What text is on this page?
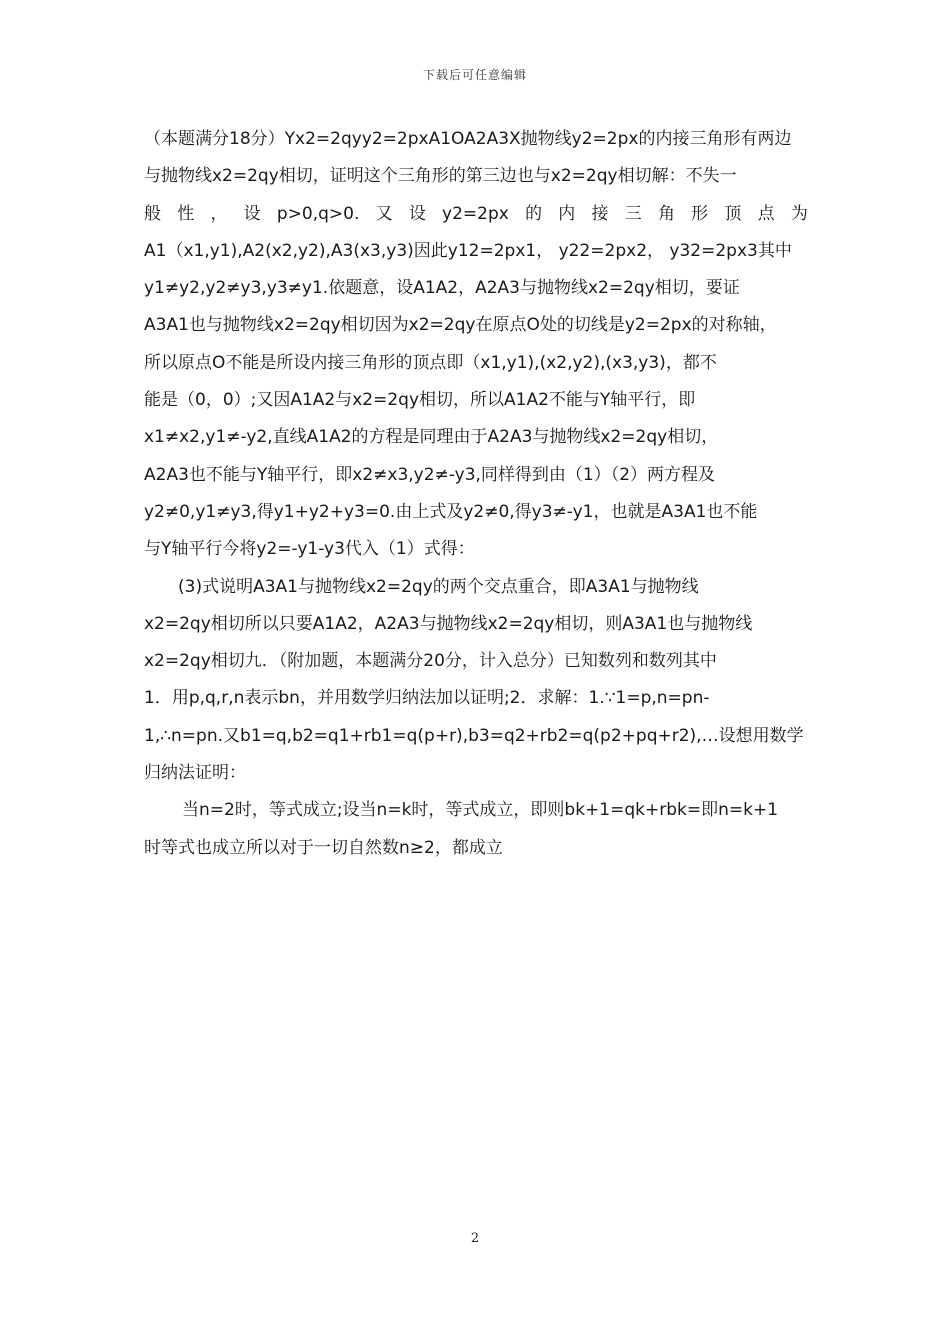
下载后可任意编辑
（本题满分18分）Yx2=2qyy2=2pxA1OA2A3X抛物线y2=2px的内接三角形有两边
与抛物线x2=2qy相切，证明这个三角形的第三边也与x2=2qy相切解：不失一
般 性 ， 设 p>0,q>0. 又 设 y2=2px 的 内 接 三 角 形 顶 点 为
A1（x1,y1),A2(x2,y2),A3(x3,y3)因此y12=2px1， y22=2px2， y32=2px3其中
y1≠y2,y2≠y3,y3≠y1.依题意，设A1A2，A2A3与抛物线x2=2qy相切，要证
A3A1也与抛物线x2=2qy相切因为x2=2qy在原点O处的切线是y2=2px的对称轴，
所以原点O不能是所设内接三角形的顶点即（x1,y1),(x2,y2),(x3,y3)，都不
能是（0，0）;又因A1A2与x2=2qy相切，所以A1A2不能与Y轴平行，即
x1≠x2,y1≠-y2,直线A1A2的方程是同理由于A2A3与抛物线x2=2qy相切，
A2A3也不能与Y轴平行，即x2≠x3,y2≠-y3,同样得到由（1）（2）两方程及
y2≠0,y1≠y3,得y1+y2+y3=0.由上式及y2≠0,得y3≠-y1，也就是A3A1也不能
与Y轴平行今将y2=-y1-y3代入（1）式得：
(3)式说明A3A1与抛物线x2=2qy的两个交点重合，即A3A1与抛物线
x2=2qy相切所以只要A1A2，A2A3与抛物线x2=2qy相切，则A3A1也与抛物线
x2=2qy相切九．（附加题，本题满分20分，计入总分）已知数列和数列其中
1．用p,q,r,n表示bn，并用数学归纳法加以证明;2．求解：1.∵1=p,n=pn-
1,∴n=pn.又b1=q,b2=q1+rb1=q(p+r),b3=q2+rb2=q(p2+pq+r2),…设想用数学
归纳法证明：
当n=2时，等式成立;设当n=k时，等式成立，即则bk+1=qk+rbk=即n=k+1
时等式也成立所以对于一切自然数n≥2，都成立
2
